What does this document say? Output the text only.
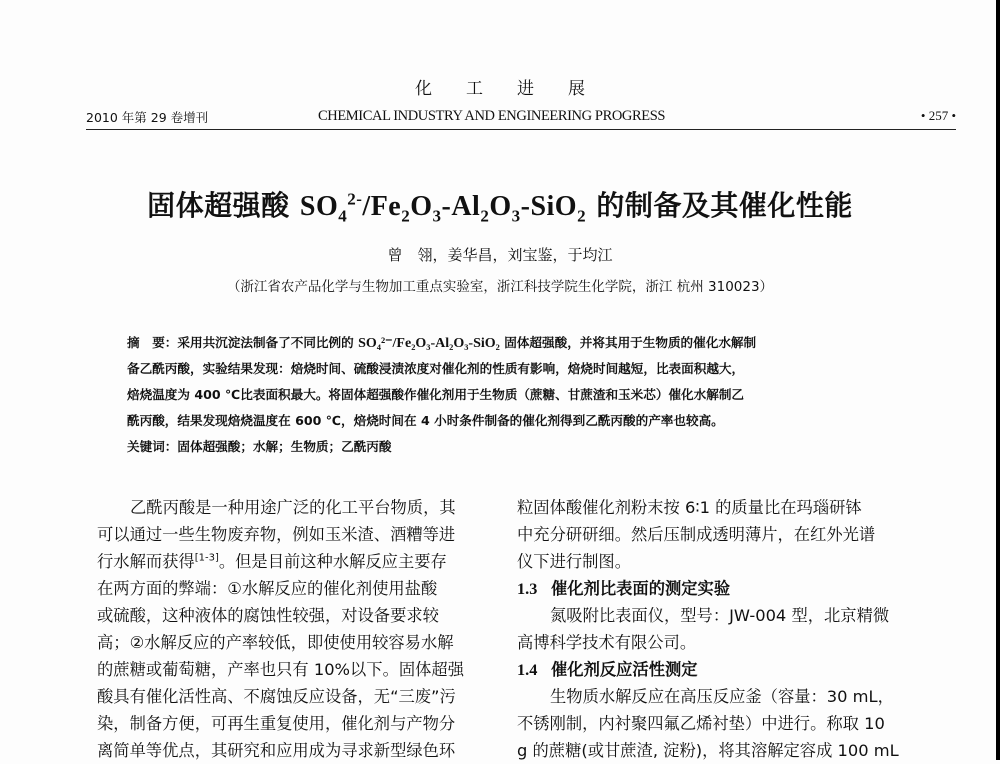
化工进展
2010 年第 29 卷增刊	CHEMICAL INDUSTRY AND ENGINEERING PROGRESS	• 257 •
固体超强酸 $SO_4^{2-}/Fe_2O_3-Al_2O_3-SiO_2$ 的制备及其催化性能
曾　翎，姜华昌，刘宝鉴，于均江
（浙江省农产品化学与生物加工重点实验室，浙江科技学院生化学院，浙江 杭州 310023）
摘　要：采用共沉淀法制备了不同比例的 SO₄²⁻/Fe₂O₃-Al₂O₃-SiO₂ 固体超强酸，并将其用于生物质的催化水解制
备乙酰丙酸，实验结果发现：焙烧时间、硫酸浸渍浓度对催化剂的性质有影响，焙烧时间越短，比表面积越大，
焙烧温度为 400 ℃比表面积最大。将固体超强酸作催化剂用于生物质（蔗糖、甘蔗渣和玉米芯）催化水解制乙
酰丙酸，结果发现焙烧温度在 600 ℃，焙烧时间在 4 小时条件制备的催化剂得到乙酰丙酸的产率也较高。
关键词：固体超强酸；水解；生物质；乙酰丙酸
乙酰丙酸是一种用途广泛的化工平台物质，其
可以通过一些生物废弃物，例如玉米渣、酒糟等进
行水解而获得[1-3]。但是目前这种水解反应主要存
在两方面的弊端：①水解反应的催化剂使用盐酸
或硫酸，这种液体的腐蚀性较强，对设备要求较
高；②水解反应的产率较低，即使使用较容易水解
的蔗糖或葡萄糖，产率也只有 10%以下。固体超强
酸具有催化活性高、不腐蚀反应设备，无“三废”污
染，制备方便，可再生重复使用，催化剂与产物分
离简单等优点，其研究和应用成为寻求新型绿色环
粒固体酸催化剂粉末按 6∶1 的质量比在玛瑙研钵
中充分研研细。然后压制成透明薄片，在红外光谱
仪下进行制图。
1.3 催化剂比表面的测定实验
氮吸附比表面仪，型号：JW-004 型，北京精微
高博科学技术有限公司。
1.4 催化剂反应活性测定
生物质水解反应在高压反应釜（容量：30 mL，
不锈刚制，内衬聚四氟乙烯衬垫）中进行。称取 10
g 的蔗糖(或甘蔗渣, 淀粉)，将其溶解定容成 100 mL
